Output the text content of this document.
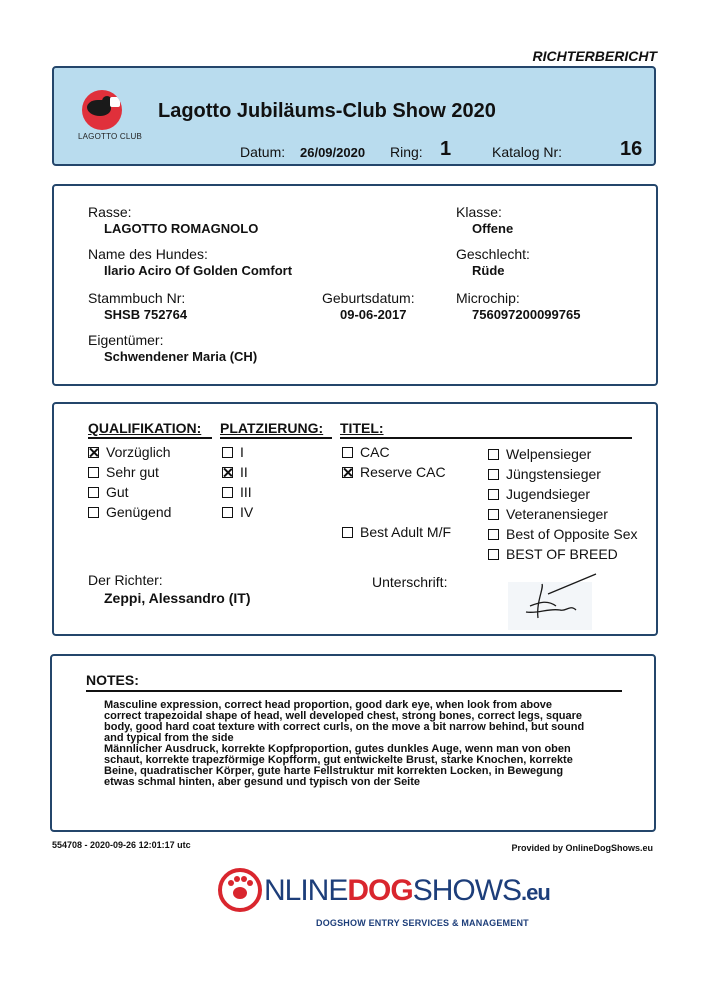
RICHTERBERICHT
LAGOTTO CLUB
Lagotto Jubiläums-Club Show 2020
Datum: 26/09/2020 Ring: 1	Katalog Nr:	16
Rasse:
LAGOTTO ROMAGNOLO
Klasse:
Offene
Name des Hundes:
Ilario Aciro Of Golden Comfort
Geschlecht:
Rüde
Stammbuch Nr:
SHSB 752764
Geburtsdatum:
09-06-2017
Microchip:
756097200099765
Eigentümer:
Schwendener Maria (CH)
QUALIFIKATION: PLATZIERUNG: TITEL:
Vorzüglich
Sehr gut
Gut
Genügend
I
II
III
IV
CAC
Reserve CAC
Best Adult M/F
Welpensieger
Jüngstensieger
Jugendsieger
Veteranensieger
Best of Opposite Sex
BEST OF BREED
Der Richter:
Zeppi, Alessandro (IT)
Unterschrift:
NOTES:
Masculine expression, correct head proportion, good dark eye, when look from above
correct trapezoidal shape of head, well developed chest, strong bones, correct legs, square
body, good hard coat texture with correct curls, on the move a bit narrow behind, but sound
and typical from the side
Männlicher Ausdruck, korrekte Kopfproportion, gutes dunkles Auge, wenn man von oben
schaut, korrekte trapezförmige Kopfform, gut entwickelte Brust, starke Knochen, korrekte
Beine, quadratischer Körper, gute harte Fellstruktur mit korrekten Locken, in Bewegung
etwas schmal hinten, aber gesund und typisch von der Seite
554708 - 2020-09-26 12:01:17 utc	Provided by OnlineDogShows.eu
NLINEDOGSHOWS.eu
DOGSHOW ENTRY SERVICES & MANAGEMENT
